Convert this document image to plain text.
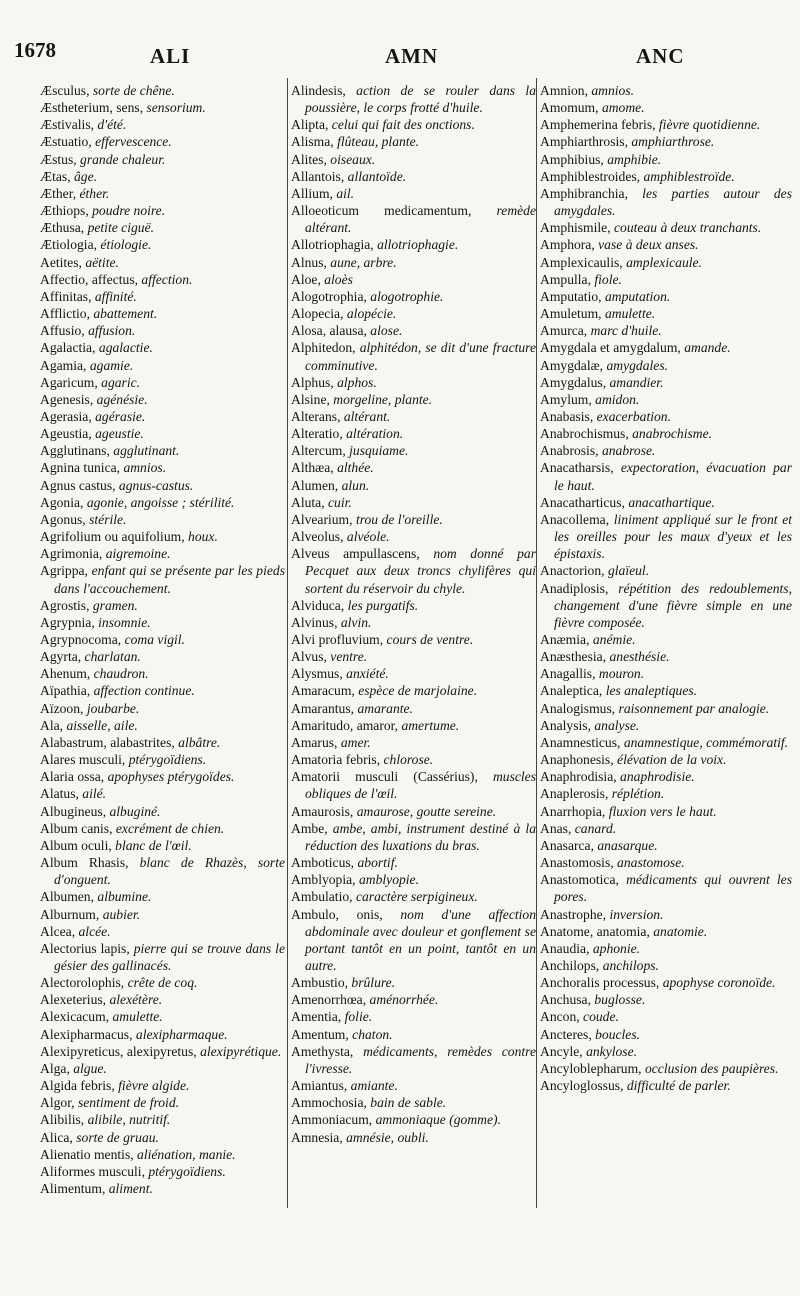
1678	ALI	AMN	ANC
Æsculus, sorte de chêne.
Æstheterium, sens, sensorium.
Æstivalis, d'été.
Æstuatio, effervescence.
Æstus, grande chaleur.
Ætas, âge.
Æther, éther.
Æthiops, poudre noire.
Æthusa, petite ciguë.
Ætiologia, étiologie.
Aetites, aëtite.
Affectio, affectus, affection.
Affinitas, affinité.
Afflictio, abattement.
Affusio, affusion.
Agalactia, agalactie.
Agamia, agamie.
Agaricum, agaric.
Agenesis, agénésie.
Agerasia, agérasie.
Ageustia, ageustie.
Agglutinans, agglutinant.
Agnina tunica, amnios.
Agnus castus, agnus-castus.
Agonia, agonie, angoisse ; stérilité.
Agonus, stérile.
Agrifolium ou aquifolium, houx.
Agrimonia, aigremoine.
Agrippa, enfant qui se présente par les pieds dans l'accouchement.
Agrostis, gramen.
Agrypnia, insomnie.
Agrypnocoma, coma vigil.
Agyrta, charlatan.
Ahenum, chaudron.
Aïpathia, affection continue.
Aïzoon, joubarbe.
Ala, aisselle, aile.
Alabastrum, alabastrites, albâtre.
Alares musculi, ptérygoïdiens.
Alaria ossa, apophyses ptérygoïdes.
Alatus, ailé.
Albugineus, albuginé.
Album canis, excrément de chien.
Album oculi, blanc de l'œil.
Album Rhasis, blanc de Rhazès, sorte d'onguent.
Albumen, albumine.
Alburnum, aubier.
Alcea, alcée.
Alectorius lapis, pierre qui se trouve dans le gésier des gallinacés.
Alectorolophis, crête de coq.
Alexeterius, alexétère.
Alexicacum, amulette.
Alexipharmacus, alexipharmaque.
Alexipyreticus, alexipyretus, alexipyrétique.
Alga, algue.
Algida febris, fièvre algide.
Algor, sentiment de froid.
Alibilis, alibile, nutritif.
Alica, sorte de gruau.
Alienatio mentis, aliénation, manie.
Aliformes musculi, ptérygoïdiens.
Alimentum, aliment.
Alindesis, action de se rouler dans la poussière, le corps frotté d'huile.
Alipta, celui qui fait des onctions.
Alisma, flûteau, plante.
Alites, oiseaux.
Allantois, allantoïde.
Allium, ail.
Alloeoticum medicamentum, remède altérant.
Allotriophagia, allotriophagie.
Alnus, aune, arbre.
Aloe, aloès
Alogotrophia, alogotrophie.
Alopecia, alopécie.
Alosa, alausa, alose.
Alphitedon, alphitédon, se dit d'une fracture comminutive.
Alphus, alphos.
Alsine, morgeline, plante.
Alterans, altérant.
Alteratio, altération.
Altercum, jusquiame.
Althæa, althée.
Alumen, alun.
Aluta, cuir.
Alvearium, trou de l'oreille.
Alveolus, alvéole.
Alveus ampullascens, nom donné par Pecquet aux deux troncs chylifères qui sortent du réservoir du chyle.
Alviduca, les purgatifs.
Alvinus, alvin.
Alvi profluvium, cours de ventre.
Alvus, ventre.
Alysmus, anxiété.
Amaracum, espèce de marjolaine.
Amarantus, amarante.
Amaritudo, amaror, amertume.
Amarus, amer.
Amatoria febris, chlorose.
Amatorii musculi (Cassérius), muscles obliques de l'œil.
Amaurosis, amaurose, goutte sereine.
Ambe, ambe, ambi, instrument destiné à la réduction des luxations du bras.
Amboticus, abortif.
Amblyopia, amblyopie.
Ambulatio, caractère serpigineux.
Ambulo, onis, nom d'une affection abdominale avec douleur et gonflement se portant tantôt en un point, tantôt en un autre.
Ambustio, brûlure.
Amenorrhœa, aménorrhée.
Amentia, folie.
Amentum, chaton.
Amethysta, médicaments, remèdes contre l'ivresse.
Amiantus, amiante.
Ammochosia, bain de sable.
Ammoniacum, ammoniaque (gomme).
Amnesia, amnésie, oubli.
Amnion, amnios.
Amomum, amome.
Amphemerina febris, fièvre quotidienne.
Amphiarthrosis, amphiarthrose.
Amphibius, amphibie.
Amphiblestroides, amphiblestroïde.
Amphibranchia, les parties autour des amygdales.
Amphismile, couteau à deux tranchants.
Amphora, vase à deux anses.
Amplexicaulis, amplexicaule.
Ampulla, fiole.
Amputatio, amputation.
Amuletum, amulette.
Amurca, marc d'huile.
Amygdala et amygdalum, amande.
Amygdalæ, amygdales.
Amygdalus, amandier.
Amylum, amidon.
Anabasis, exacerbation.
Anabrochismus, anabrochisme.
Anabrosis, anabrose.
Anacatharsis, expectoration, évacuation par le haut.
Anacatharticus, anacathartique.
Anacollema, liniment appliqué sur le front et les oreilles pour les maux d'yeux et les épistaxis.
Anactorion, glaïeul.
Anadiplosis, répétition des redoublements, changement d'une fièvre simple en une fièvre composée.
Anæmia, anémie.
Anæsthesia, anesthésie.
Anagallis, mouron.
Analeptica, les analeptiques.
Analogismus, raisonnement par analogie.
Analysis, analyse.
Anamnesticus, anamnestique, commémoratif.
Anaphonesis, élévation de la voix.
Anaphrodisia, anaphrodisie.
Anaplerosis, réplétion.
Anarrhopia, fluxion vers le haut.
Anas, canard.
Anasarca, anasarque.
Anastomosis, anastomose.
Anastomotica, médicaments qui ouvrent les pores.
Anastrophe, inversion.
Anatome, anatomia, anatomie.
Anaudia, aphonie.
Anchilops, anchilops.
Anchoralis processus, apophyse coronoïde.
Anchusa, buglosse.
Ancon, coude.
Ancteres, boucles.
Ancyle, ankylose.
Ancyloblepharum, occlusion des paupières.
Ancyloglossus, difficulté de parler.
